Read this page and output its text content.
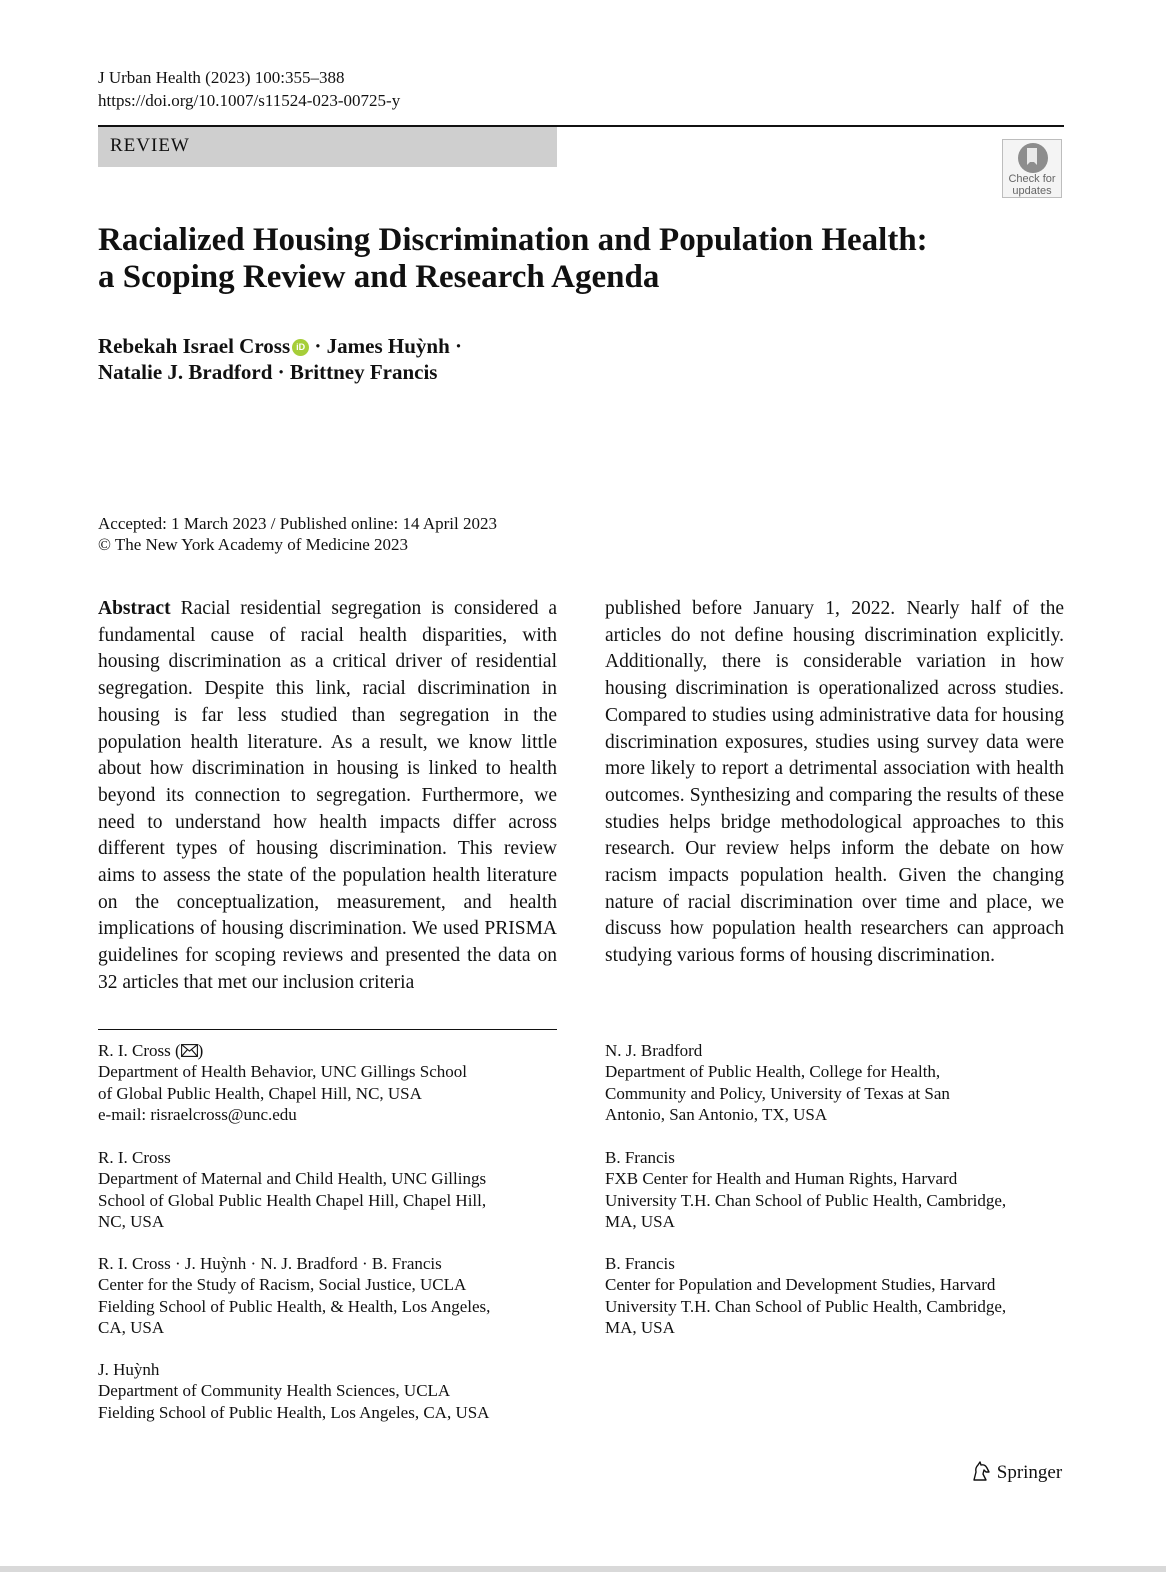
J Urban Health (2023) 100:355–388
https://doi.org/10.1007/s11524-023-00725-y
REVIEW
Check for
updates
Racialized Housing Discrimination and Population Health:
a Scoping Review and Research Agenda
Rebekah Israel Cross iD · James Huỳnh ·
Natalie J. Bradford · Brittney Francis
Accepted: 1 March 2023 / Published online: 14 April 2023
© The New York Academy of Medicine 2023
Abstract Racial residential segregation is considered a fundamental cause of racial health disparities, with housing discrimination as a critical driver of residential segregation. Despite this link, racial discrimination in housing is far less studied than segregation in the population health literature. As a result, we know little about how discrimination in housing is linked to health beyond its connection to segregation. Furthermore, we need to understand how health impacts differ across different types of housing discrimination. This review aims to assess the state of the population health literature on the conceptualization, measurement, and health implications of housing discrimination. We used PRISMA guidelines for scoping reviews and presented the data on 32 articles that met our inclusion criteria
published before January 1, 2022. Nearly half of the articles do not define housing discrimination explicitly. Additionally, there is considerable variation in how housing discrimination is operationalized across studies. Compared to studies using administrative data for housing discrimination exposures, studies using survey data were more likely to report a detrimental association with health outcomes. Synthesizing and comparing the results of these studies helps bridge methodological approaches to this research. Our review helps inform the debate on how racism impacts population health. Given the changing nature of racial discrimination over time and place, we discuss how population health researchers can approach studying various forms of housing discrimination.
R. I. Cross ( )
Department of Health Behavior, UNC Gillings School
of Global Public Health, Chapel Hill, NC, USA
e-mail: risraelcross@unc.edu
R. I. Cross
Department of Maternal and Child Health, UNC Gillings
School of Global Public Health Chapel Hill, Chapel Hill,
NC, USA
R. I. Cross · J. Huỳnh · N. J. Bradford · B. Francis
Center for the Study of Racism, Social Justice, UCLA
Fielding School of Public Health, & Health, Los Angeles,
CA, USA
J. Huỳnh
Department of Community Health Sciences, UCLA
Fielding School of Public Health, Los Angeles, CA, USA
N. J. Bradford
Department of Public Health, College for Health,
Community and Policy, University of Texas at San
Antonio, San Antonio, TX, USA
B. Francis
FXB Center for Health and Human Rights, Harvard
University T.H. Chan School of Public Health, Cambridge,
MA, USA
B. Francis
Center for Population and Development Studies, Harvard
University T.H. Chan School of Public Health, Cambridge,
MA, USA
Springer
